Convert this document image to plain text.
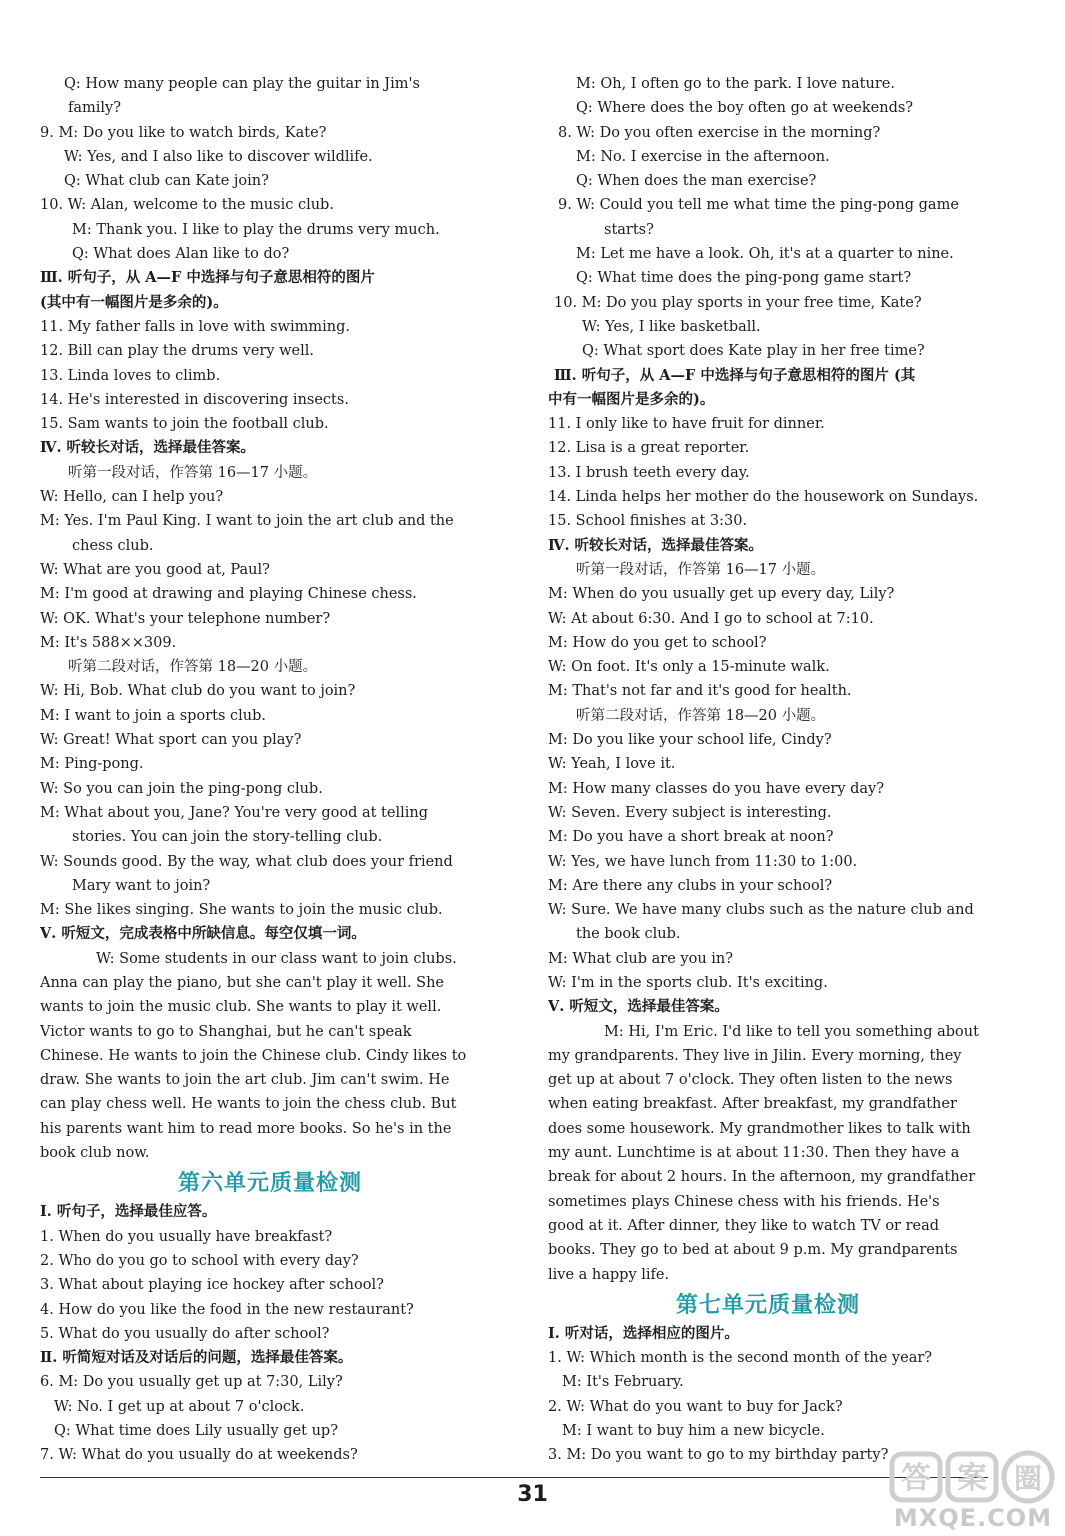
Q: How many people can play the guitar in Jim's
family?
9. M: Do you like to watch birds, Kate?
W: Yes, and I also like to discover wildlife.
Q: What club can Kate join?
10. W: Alan, welcome to the music club.
M: Thank you. I like to play the drums very much.
Q: What does Alan like to do?
Ⅲ. 听句子，从 A—F 中选择与句子意思相符的图片
(其中有一幅图片是多余的)。
11. My father falls in love with swimming.
12. Bill can play the drums very well.
13. Linda loves to climb.
14. He's interested in discovering insects.
15. Sam wants to join the football club.
Ⅳ. 听较长对话，选择最佳答案。
听第一段对话，作答第 16—17 小题。
W: Hello, can I help you?
M: Yes. I'm Paul King. I want to join the art club and the
chess club.
W: What are you good at, Paul?
M: I'm good at drawing and playing Chinese chess.
W: OK. What's your telephone number?
M: It's 588××309.
听第二段对话，作答第 18—20 小题。
W: Hi, Bob. What club do you want to join?
M: I want to join a sports club.
W: Great! What sport can you play?
M: Ping-pong.
W: So you can join the ping-pong club.
M: What about you, Jane? You're very good at telling
stories. You can join the story-telling club.
W: Sounds good. By the way, what club does your friend
Mary want to join?
M: She likes singing. She wants to join the music club.
Ⅴ. 听短文，完成表格中所缺信息。每空仅填一词。
W: Some students in our class want to join clubs.
Anna can play the piano, but she can't play it well. She
wants to join the music club. She wants to play it well.
Victor wants to go to Shanghai, but he can't speak
Chinese. He wants to join the Chinese club. Cindy likes to
draw. She wants to join the art club. Jim can't swim. He
can play chess well. He wants to join the chess club. But
his parents want him to read more books. So he's in the
book club now.
第六单元质量检测
Ⅰ. 听句子，选择最佳应答。
1. When do you usually have breakfast?
2. Who do you go to school with every day?
3. What about playing ice hockey after school?
4. How do you like the food in the new restaurant?
5. What do you usually do after school?
Ⅱ. 听简短对话及对话后的问题，选择最佳答案。
6. M: Do you usually get up at 7:30, Lily?
W: No. I get up at about 7 o'clock.
Q: What time does Lily usually get up?
7. W: What do you usually do at weekends?
M: Oh, I often go to the park. I love nature.
Q: Where does the boy often go at weekends?
8. W: Do you often exercise in the morning?
M: No. I exercise in the afternoon.
Q: When does the man exercise?
9. W: Could you tell me what time the ping-pong game
starts?
M: Let me have a look. Oh, it's at a quarter to nine.
Q: What time does the ping-pong game start?
10. M: Do you play sports in your free time, Kate?
W: Yes, I like basketball.
Q: What sport does Kate play in her free time?
Ⅲ. 听句子，从 A—F 中选择与句子意思相符的图片 (其
中有一幅图片是多余的)。
11. I only like to have fruit for dinner.
12. Lisa is a great reporter.
13. I brush teeth every day.
14. Linda helps her mother do the housework on Sundays.
15. School finishes at 3:30.
Ⅳ. 听较长对话，选择最佳答案。
听第一段对话，作答第 16—17 小题。
M: When do you usually get up every day, Lily?
W: At about 6:30. And I go to school at 7:10.
M: How do you get to school?
W: On foot. It's only a 15-minute walk.
M: That's not far and it's good for health.
听第二段对话，作答第 18—20 小题。
M: Do you like your school life, Cindy?
W: Yeah, I love it.
M: How many classes do you have every day?
W: Seven. Every subject is interesting.
M: Do you have a short break at noon?
W: Yes, we have lunch from 11:30 to 1:00.
M: Are there any clubs in your school?
W: Sure. We have many clubs such as the nature club and
the book club.
M: What club are you in?
W: I'm in the sports club. It's exciting.
Ⅴ. 听短文，选择最佳答案。
M: Hi, I'm Eric. I'd like to tell you something about
my grandparents. They live in Jilin. Every morning, they
get up at about 7 o'clock. They often listen to the news
when eating breakfast. After breakfast, my grandfather
does some housework. My grandmother likes to talk with
my aunt. Lunchtime is at about 11:30. Then they have a
break for about 2 hours. In the afternoon, my grandfather
sometimes plays Chinese chess with his friends. He's
good at it. After dinner, they like to watch TV or read
books. They go to bed at about 9 p.m. My grandparents
live a happy life.
第七单元质量检测
Ⅰ. 听对话，选择相应的图片。
1. W: Which month is the second month of the year?
M: It's February.
2. W: What do you want to buy for Jack?
M: I want to buy him a new bicycle.
3. M: Do you want to go to my birthday party?
31	答 案 圈
MXQE.COM
